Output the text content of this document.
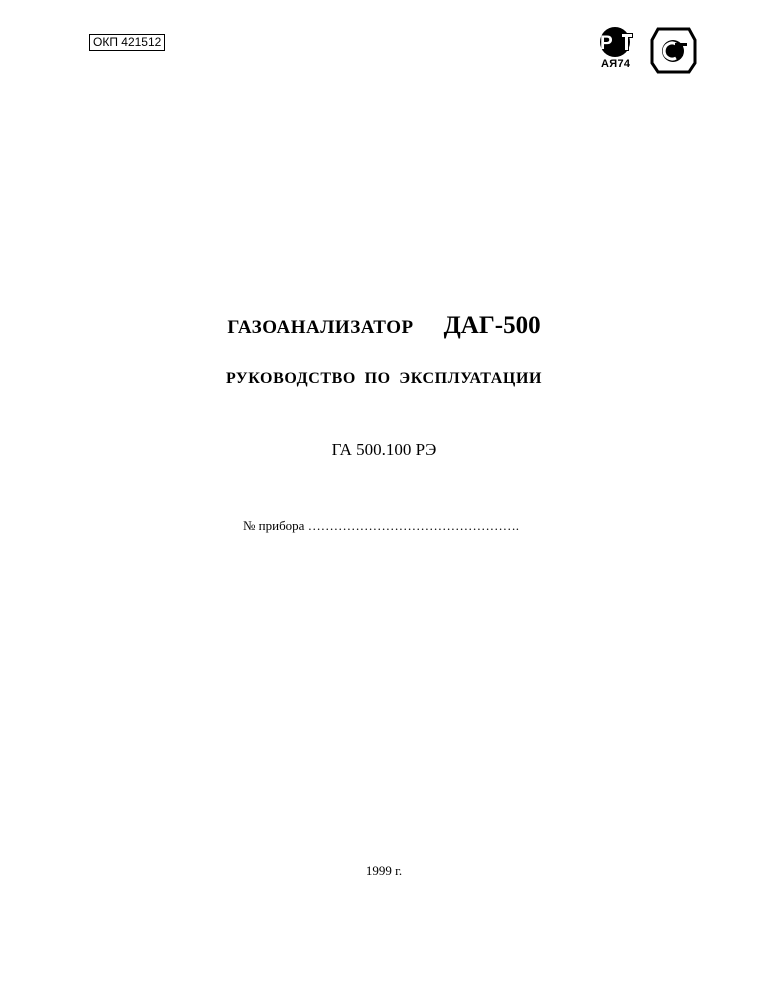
ОКП 421512	Р
АЯ74
ГАЗОАНАЛИЗАТОР ДАГ-500
РУКОВОДСТВО ПО ЭКСПЛУАТАЦИИ
ГА 500.100 РЭ
№ прибора ………………………………………….
1999 г.
